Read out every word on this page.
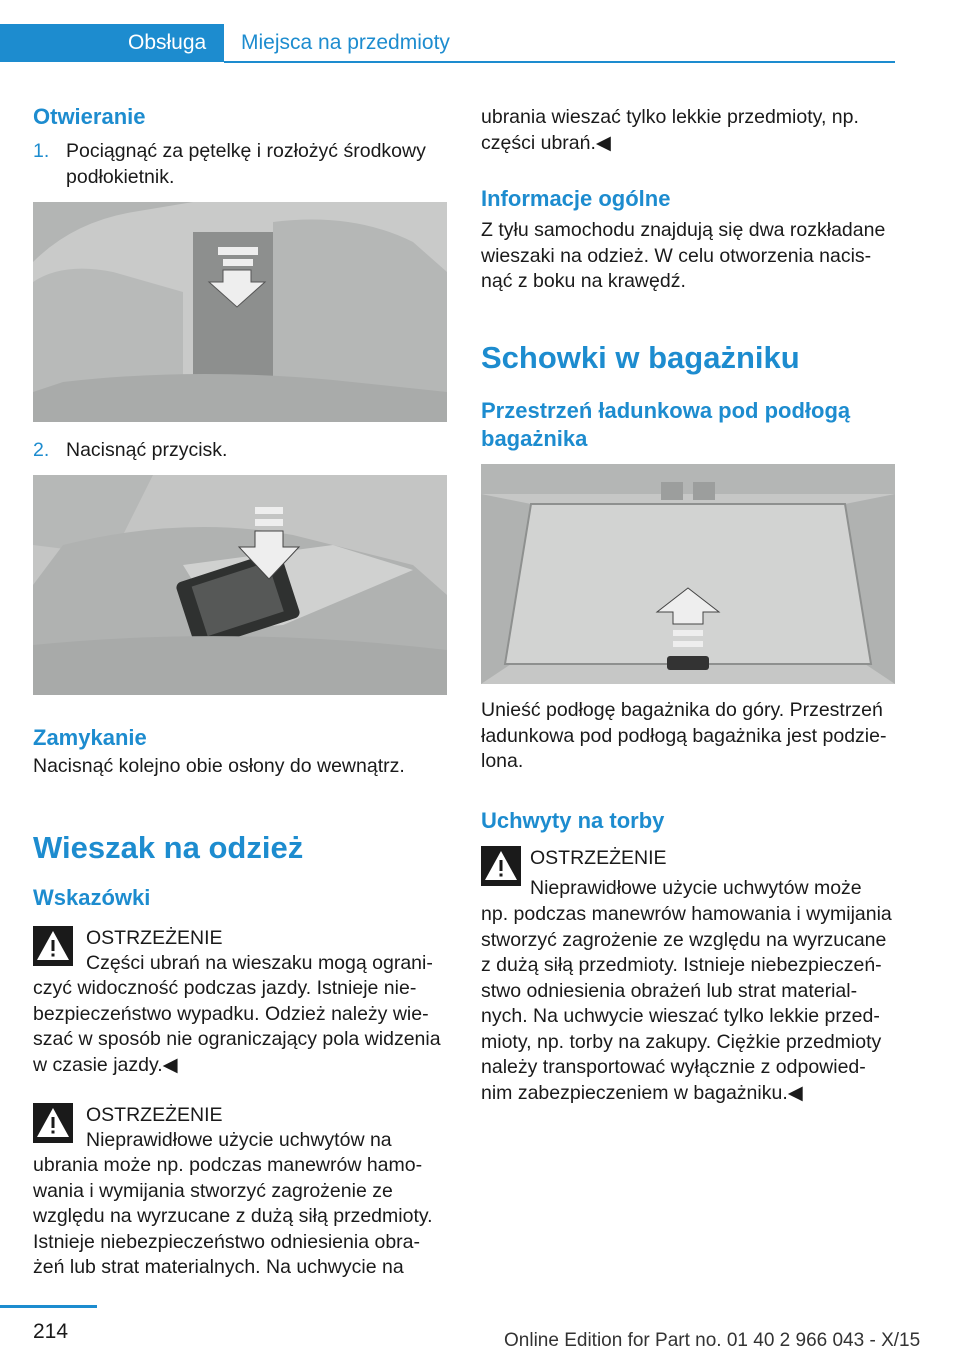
Obsługa	Miejsca na przedmioty
Otwieranie
1. Pociągnąć za pętelkę i rozłożyć środkowy
podłokietnik.
2. Nacisnąć przycisk.
Zamykanie
Nacisnąć kolejno obie osłony do wewnątrz.
Wieszak na odzież
Wskazówki
OSTRZEŻENIE
Części ubrań na wieszaku mogą ograni-
czyć widoczność podczas jazdy. Istnieje nie-
bezpieczeństwo wypadku. Odzież należy wie-
szać w sposób nie ograniczający pola widzenia
w czasie jazdy.◀
OSTRZEŻENIE
Nieprawidłowe użycie uchwytów na
ubrania może np. podczas manewrów hamo-
wania i wymijania stworzyć zagrożenie ze
względu na wyrzucane z dużą siłą przedmioty.
Istnieje niebezpieczeństwo odniesienia obra-
żeń lub strat materialnych. Na uchwycie na
ubrania wieszać tylko lekkie przedmioty, np.
części ubrań.◀
Informacje ogólne
Z tyłu samochodu znajdują się dwa rozkładane
wieszaki na odzież. W celu otworzenia nacis-
nąć z boku na krawędź.
Schowki w bagażniku
Przestrzeń ładunkowa pod podłogą
bagażnika
Unieść podłogę bagażnika do góry. Przestrzeń
ładunkowa pod podłogą bagażnika jest podzie-
lona.
Uchwyty na torby
OSTRZEŻENIE
Nieprawidłowe użycie uchwytów może
np. podczas manewrów hamowania i wymijania
stworzyć zagrożenie ze względu na wyrzucane
z dużą siłą przedmioty. Istnieje niebezpieczeń-
stwo odniesienia obrażeń lub strat material-
nych. Na uchwycie wieszać tylko lekkie przed-
mioty, np. torby na zakupy. Ciężkie przedmioty
należy transportować wyłącznie z odpowied-
nim zabezpieczeniem w bagażniku.◀
214	Online Edition for Part no. 01 40 2 966 043 - X/15
